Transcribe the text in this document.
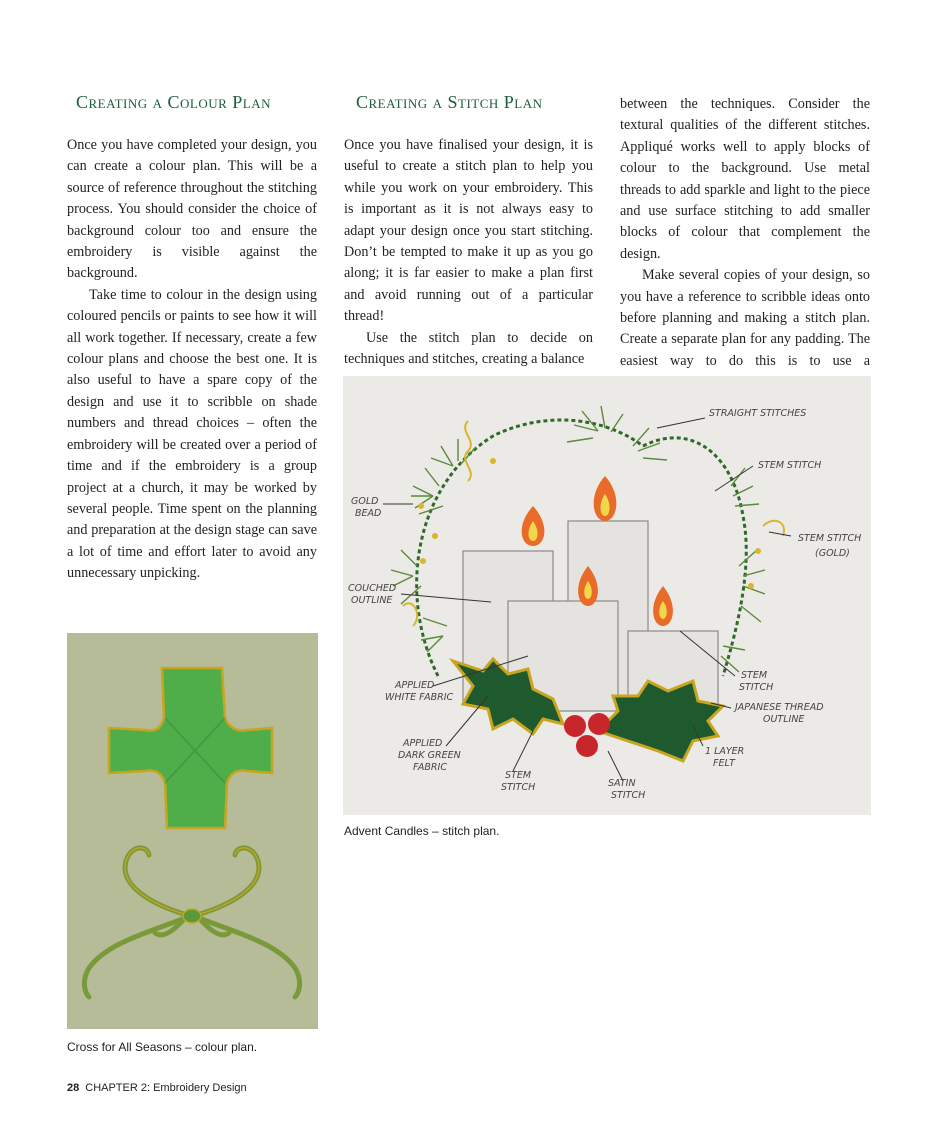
Creating a Colour Plan

Once you have completed your design, you can create a colour plan. This will be a source of reference throughout the stitching process. You should consider the choice of background colour too and ensure the embroidery is visible against the background.

Take time to colour in the design using coloured pencils or paints to see how it will all work together. If necessary, create a few colour plans and choose the best one. It is also useful to have a spare copy of the design and use it to scribble on shade numbers and thread choices – often the embroidery will be created over a period of time and if the embroidery is a group project at a church, it may be worked by several people. Time spent on the planning and preparation at the design stage can save a lot of time and effort later to avoid any unnecessary unpicking.

Creating a Stitch Plan

Once you have finalised your design, it is useful to create a stitch plan to help you while you work on your embroidery. This is important as it is not always easy to adapt your design once you start stitching. Don’t be tempted to make it up as you go along; it is far easier to make a plan first and avoid running out of a particular thread!

Use the stitch plan to decide on techniques and stitches, creating a balance

between the techniques. Consider the textural qualities of the different stitches. Appliqué works well to apply blocks of colour to the background. Use metal threads to add sparkle and light to the piece and use surface stitching to add smaller blocks of colour that complement the design.

Make several copies of your design, so you have a reference to scribble ideas onto before planning and making a stitch plan. Create a separate plan for any padding. The easiest way to do this is to use a

STRAIGHT STITCHES
STEM STITCH
STEM STITCH
(GOLD)
GOLD
BEAD
COUCHED
OUTLINE
APPLIED
WHITE FABRIC
STEM
STITCH
JAPANESE THREAD
OUTLINE
APPLIED
DARK GREEN
FABRIC
1 LAYER
FELT
STEM
STITCH	SATIN
STITCH
Advent Candles – stitch plan.
Cross for All Seasons – colour plan.
28 CHAPTER 2: Embroidery Design
